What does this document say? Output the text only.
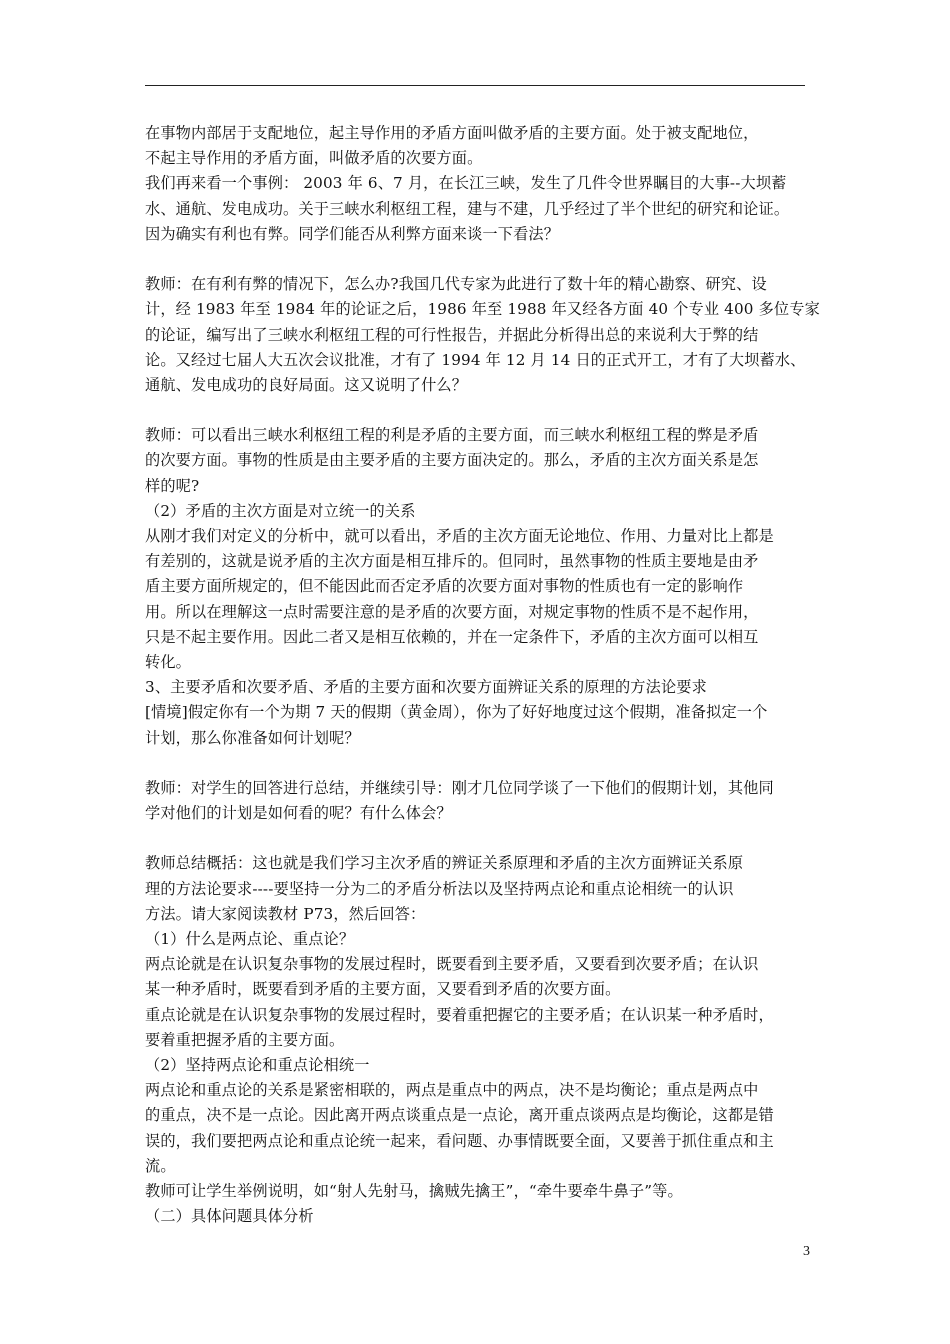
在事物内部居于支配地位，起主导作用的矛盾方面叫做矛盾的主要方面。处于被支配地位，
不起主导作用的矛盾方面，叫做矛盾的次要方面。
我们再来看一个事例： 2003 年 6、7 月，在长江三峡，发生了几件令世界瞩目的大事--大坝蓄
水、通航、发电成功。关于三峡水利枢纽工程，建与不建，几乎经过了半个世纪的研究和论证。
因为确实有利也有弊。同学们能否从利弊方面来谈一下看法？
教师：在有利有弊的情况下，怎么办?我国几代专家为此进行了数十年的精心勘察、研究、设
计，经 1983 年至 1984 年的论证之后，1986 年至 1988 年又经各方面 40 个专业 400 多位专家
的论证，编写出了三峡水利枢纽工程的可行性报告，并据此分析得出总的来说利大于弊的结
论。又经过七届人大五次会议批准，才有了 1994 年 12 月 14 日的正式开工，才有了大坝蓄水、
通航、发电成功的良好局面。这又说明了什么？
教师：可以看出三峡水利枢纽工程的利是矛盾的主要方面，而三峡水利枢纽工程的弊是矛盾
的次要方面。事物的性质是由主要矛盾的主要方面决定的。那么，矛盾的主次方面关系是怎
样的呢?
（2）矛盾的主次方面是对立统一的关系
从刚才我们对定义的分析中，就可以看出，矛盾的主次方面无论地位、作用、力量对比上都是
有差别的，这就是说矛盾的主次方面是相互排斥的。但同时，虽然事物的性质主要地是由矛
盾主要方面所规定的，但不能因此而否定矛盾的次要方面对事物的性质也有一定的影响作
用。所以在理解这一点时需要注意的是矛盾的次要方面，对规定事物的性质不是不起作用，
只是不起主要作用。因此二者又是相互依赖的，并在一定条件下，矛盾的主次方面可以相互
转化。
3、主要矛盾和次要矛盾、矛盾的主要方面和次要方面辨证关系的原理的方法论要求
[情境]假定你有一个为期 7 天的假期（黄金周），你为了好好地度过这个假期，准备拟定一个
计划，那么你准备如何计划呢？
教师：对学生的回答进行总结，并继续引导：刚才几位同学谈了一下他们的假期计划，其他同
学对他们的计划是如何看的呢？有什么体会？
教师总结概括：这也就是我们学习主次矛盾的辨证关系原理和矛盾的主次方面辨证关系原
理的方法论要求----要坚持一分为二的矛盾分析法以及坚持两点论和重点论相统一的认识
方法。请大家阅读教材 P73，然后回答：
（1）什么是两点论、重点论？
两点论就是在认识复杂事物的发展过程时，既要看到主要矛盾，又要看到次要矛盾；在认识
某一种矛盾时，既要看到矛盾的主要方面，又要看到矛盾的次要方面。
重点论就是在认识复杂事物的发展过程时，要着重把握它的主要矛盾；在认识某一种矛盾时，
要着重把握矛盾的主要方面。
（2）坚持两点论和重点论相统一
两点论和重点论的关系是紧密相联的，两点是重点中的两点，决不是均衡论；重点是两点中
的重点，决不是一点论。因此离开两点谈重点是一点论，离开重点谈两点是均衡论，这都是错
误的，我们要把两点论和重点论统一起来，看问题、办事情既要全面，又要善于抓住重点和主
流。
教师可让学生举例说明，如“射人先射马，擒贼先擒王”，“牵牛要牵牛鼻子”等。
（二）具体问题具体分析
3
